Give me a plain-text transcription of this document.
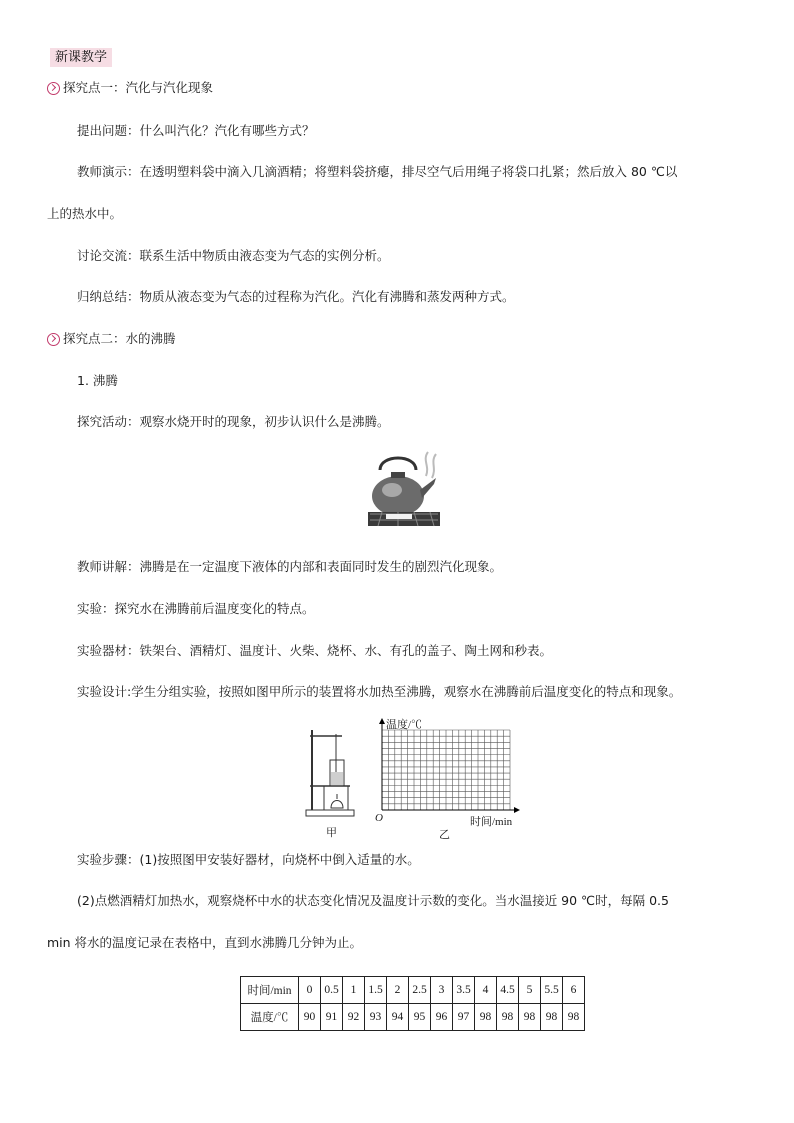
新课教学
探究点一：汽化与汽化现象
提出问题：什么叫汽化？汽化有哪些方式？
教师演示：在透明塑料袋中滴入几滴酒精；将塑料袋挤瘪，排尽空气后用绳子将袋口扎紧；然后放入 80 ℃以
上的热水中。
讨论交流：联系生活中物质由液态变为气态的实例分析。
归纳总结：物质从液态变为气态的过程称为汽化。汽化有沸腾和蒸发两种方式。
探究点二：水的沸腾
1. 沸腾
探究活动：观察水烧开时的现象，初步认识什么是沸腾。
教师讲解：沸腾是在一定温度下液体的内部和表面同时发生的剧烈汽化现象。
实验：探究水在沸腾前后温度变化的特点。
实验器材：铁架台、酒精灯、温度计、火柴、烧杯、水、有孔的盖子、陶土网和秒表。
实验设计:学生分组实验，按照如图甲所示的装置将水加热至沸腾，观察水在沸腾前后温度变化的特点和现象。
温度/℃
O	时间/min
甲	乙
实验步骤：(1)按照图甲安装好器材，向烧杯中倒入适量的水。
(2)点燃酒精灯加热水，观察烧杯中水的状态变化情况及温度计示数的变化。当水温接近 90 ℃时，每隔 0.5
min 将水的温度记录在表格中，直到水沸腾几分钟为止。
时间/min	0	0.5	1	1.5	2	2.5	3	3.5	4	4.5	5	5.5	6
温度/℃	90	91	92	93	94	95	96	97	98	98	98	98	98
